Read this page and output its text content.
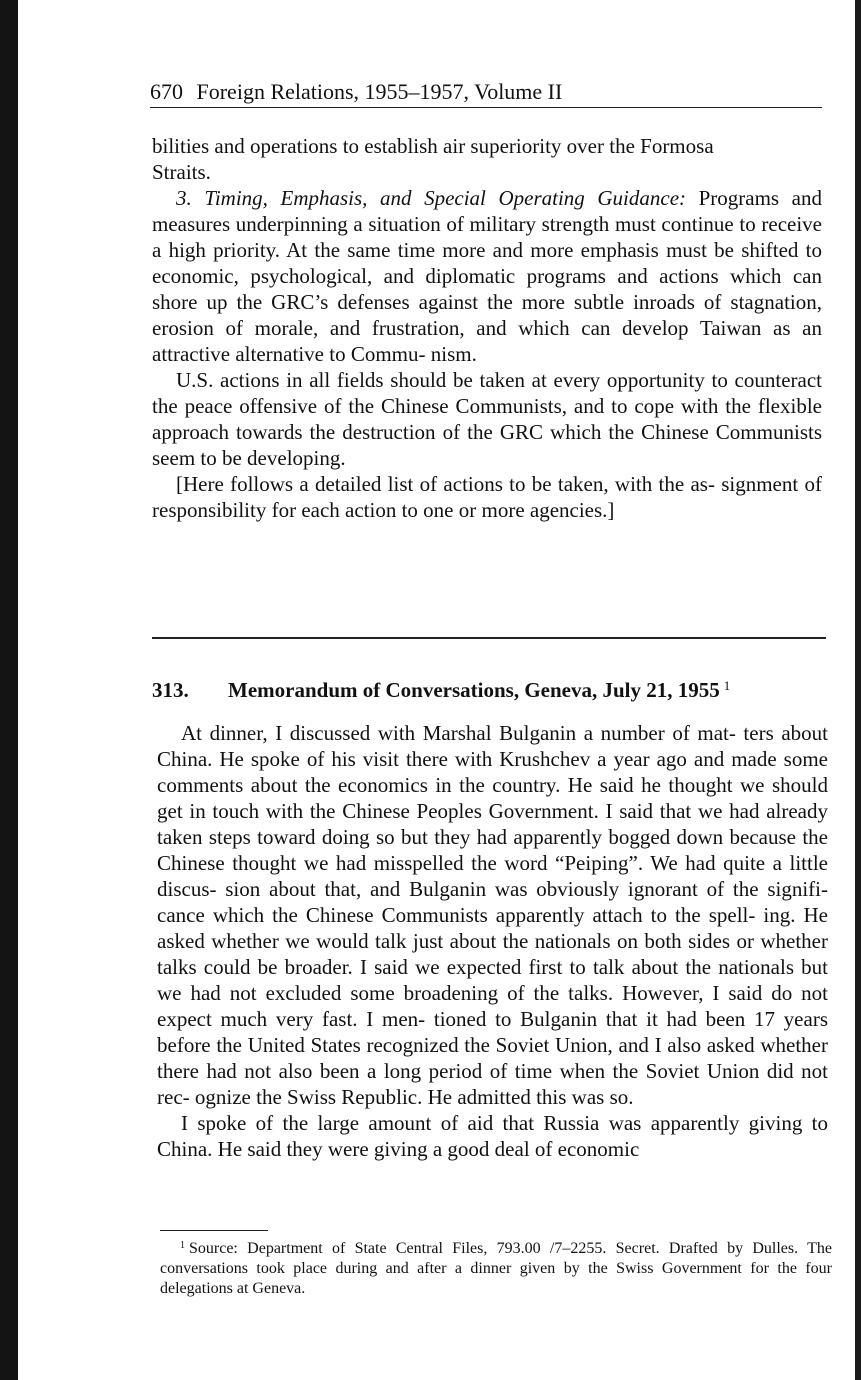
670 Foreign Relations, 1955–1957, Volume II

bilities and operations to establish air superiority over the Formosa

Straits.

3. Timing, Emphasis, and Special Operating Guidance: Programs and measures underpinning a situation of military strength must continue to receive a high priority. At the same time more and more emphasis must be shifted to economic, psychological, and diplomatic programs and actions which can shore up the GRC’s defenses against the more subtle inroads of stagnation, erosion of morale, and frustration, and which can develop Taiwan as an attractive alternative to Commu- nism.

U.S. actions in all fields should be taken at every opportunity to counteract the peace offensive of the Chinese Communists, and to cope with the flexible approach towards the destruction of the GRC which the Chinese Communists seem to be developing.

[Here follows a detailed list of actions to be taken, with the as- signment of responsibility for each action to one or more agencies.]

313. Memorandum of Conversations, Geneva, July 21, 1955 $^1$

At dinner, I discussed with Marshal Bulganin a number of mat- ters about China. He spoke of his visit there with Krushchev a year ago and made some comments about the economics in the country. He said he thought we should get in touch with the Chinese Peoples Government. I said that we had already taken steps toward doing so but they had apparently bogged down because the Chinese thought we had misspelled the word “Peiping”. We had quite a little discus- sion about that, and Bulganin was obviously ignorant of the signifi- cance which the Chinese Communists apparently attach to the spell- ing. He asked whether we would talk just about the nationals on both sides or whether talks could be broader. I said we expected first to talk about the nationals but we had not excluded some broadening of the talks. However, I said do not expect much very fast. I men- tioned to Bulganin that it had been 17 years before the United States recognized the Soviet Union, and I also asked whether there had not also been a long period of time when the Soviet Union did not rec- ognize the Swiss Republic. He admitted this was so.

I spoke of the large amount of aid that Russia was apparently giving to China. He said they were giving a good deal of economic

$^1$ Source: Department of State Central Files, 793.00 /7–2255. Secret. Drafted by Dulles. The conversations took place during and after a dinner given by the Swiss Government for the four delegations at Geneva.
